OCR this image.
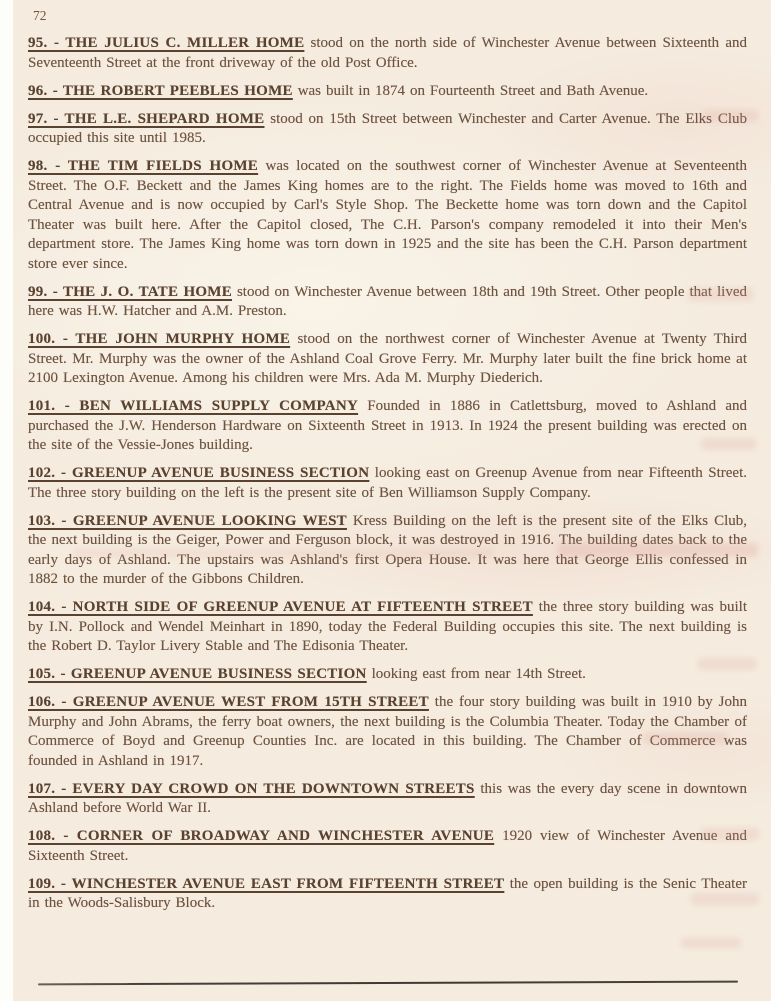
72

95. - THE JULIUS C. MILLER HOME stood on the north side of Winchester Avenue between Sixteenth and Seventeenth Street at the front driveway of the old Post Office.

96. - THE ROBERT PEEBLES HOME was built in 1874 on Fourteenth Street and Bath Avenue.

97. - THE L.E. SHEPARD HOME stood on 15th Street between Winchester and Carter Avenue. The Elks Club occupied this site until 1985.

98. - THE TIM FIELDS HOME was located on the southwest corner of Winchester Avenue at Seventeenth Street. The O.F. Beckett and the James King homes are to the right. The Fields home was moved to 16th and Central Avenue and is now occupied by Carl's Style Shop. The Beckette home was torn down and the Capitol Theater was built here. After the Capitol closed, The C.H. Parson's company remodeled it into their Men's department store. The James King home was torn down in 1925 and the site has been the C.H. Parson department store ever since.

99. - THE J. O. TATE HOME stood on Winchester Avenue between 18th and 19th Street. Other people that lived here was H.W. Hatcher and A.M. Preston.

100. - THE JOHN MURPHY HOME stood on the northwest corner of Winchester Avenue at Twenty Third Street. Mr. Murphy was the owner of the Ashland Coal Grove Ferry. Mr. Murphy later built the fine brick home at 2100 Lexington Avenue. Among his children were Mrs. Ada M. Murphy Diederich.

101. - BEN WILLIAMS SUPPLY COMPANY Founded in 1886 in Catlettsburg, moved to Ashland and purchased the J.W. Henderson Hardware on Sixteenth Street in 1913. In 1924 the present building was erected on the site of the Vessie-Jones building.

102. - GREENUP AVENUE BUSINESS SECTION looking east on Greenup Avenue from near Fifteenth Street. The three story building on the left is the present site of Ben Williamson Supply Company.

103. - GREENUP AVENUE LOOKING WEST Kress Building on the left is the present site of the Elks Club, the next building is the Geiger, Power and Ferguson block, it was destroyed in 1916. The building dates back to the early days of Ashland. The upstairs was Ashland's first Opera House. It was here that George Ellis confessed in 1882 to the murder of the Gibbons Children.

104. - NORTH SIDE OF GREENUP AVENUE AT FIFTEENTH STREET the three story building was built by I.N. Pollock and Wendel Meinhart in 1890, today the Federal Building occupies this site. The next building is the Robert D. Taylor Livery Stable and The Edisonia Theater.

105. - GREENUP AVENUE BUSINESS SECTION looking east from near 14th Street.

106. - GREENUP AVENUE WEST FROM 15TH STREET the four story building was built in 1910 by John Murphy and John Abrams, the ferry boat owners, the next building is the Columbia Theater. Today the Chamber of Commerce of Boyd and Greenup Counties Inc. are located in this building. The Chamber of Commerce was founded in Ashland in 1917.

107. - EVERY DAY CROWD ON THE DOWNTOWN STREETS this was the every day scene in downtown Ashland before World War II.

108. - CORNER OF BROADWAY AND WINCHESTER AVENUE 1920 view of Winchester Avenue and Sixteenth Street.

109. - WINCHESTER AVENUE EAST FROM FIFTEENTH STREET the open building is the Senic Theater in the Woods-Salisbury Block.
